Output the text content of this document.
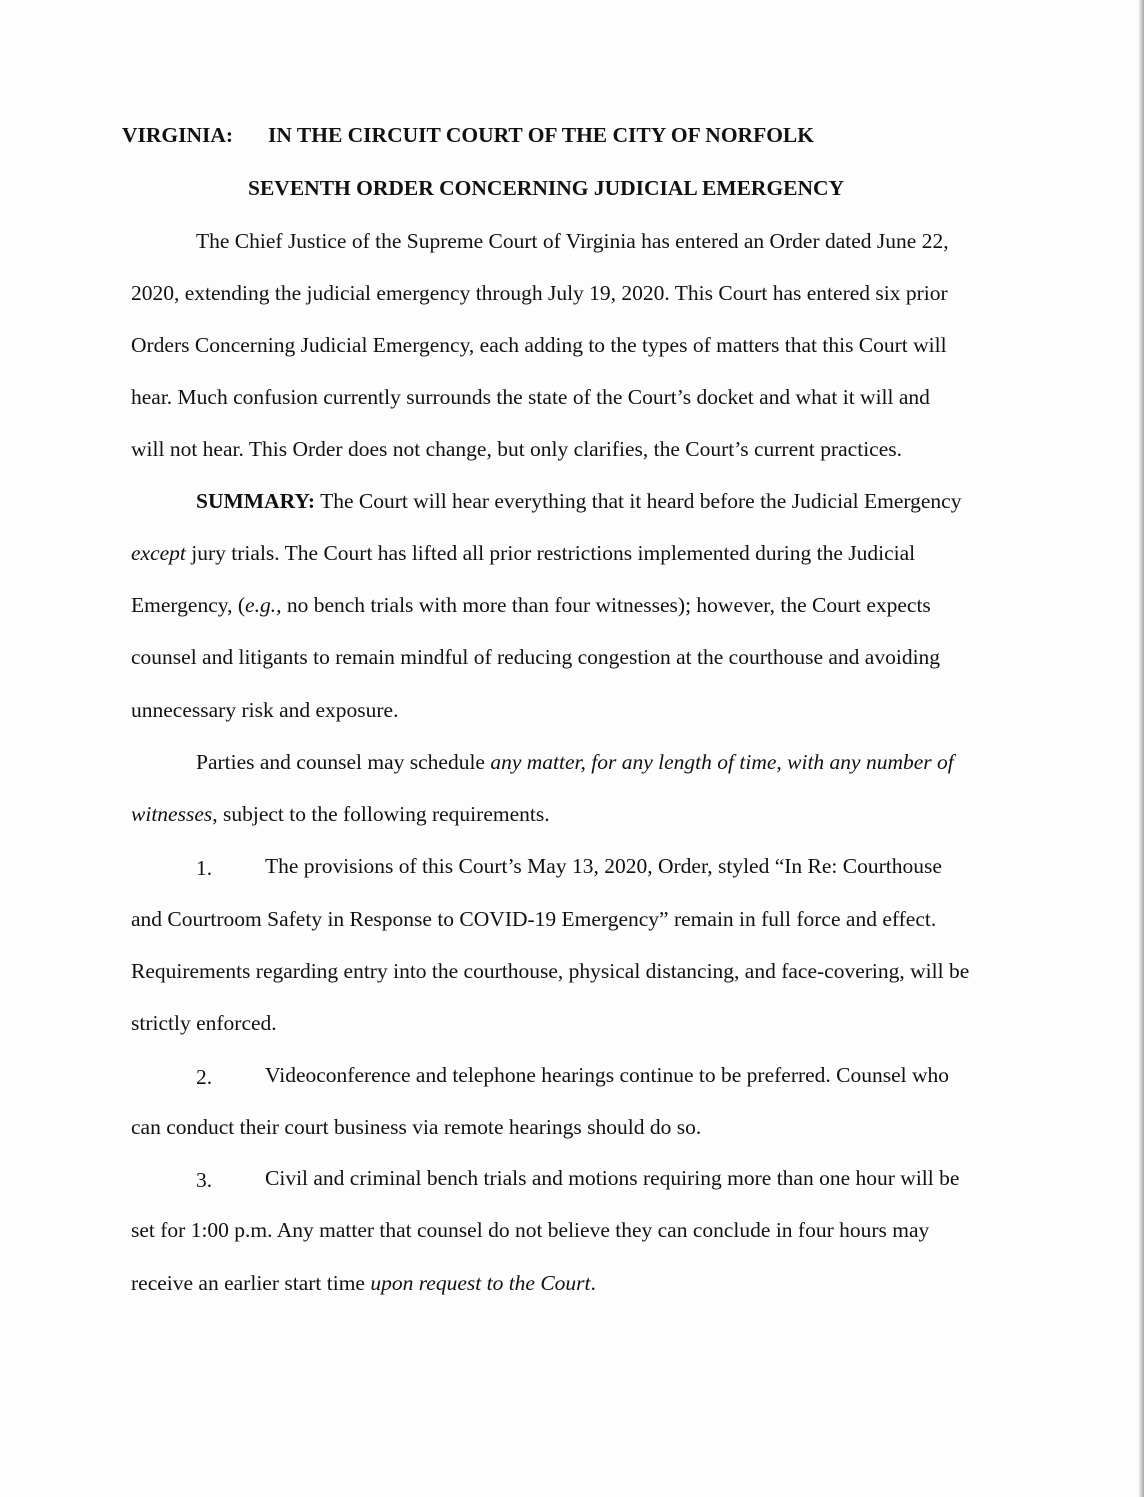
VIRGINIA: IN THE CIRCUIT COURT OF THE CITY OF NORFOLK
SEVENTH ORDER CONCERNING JUDICIAL EMERGENCY
The Chief Justice of the Supreme Court of Virginia has entered an Order dated June 22,
2020, extending the judicial emergency through July 19, 2020. This Court has entered six prior
Orders Concerning Judicial Emergency, each adding to the types of matters that this Court will
hear. Much confusion currently surrounds the state of the Court’s docket and what it will and
will not hear. This Order does not change, but only clarifies, the Court’s current practices.
SUMMARY: The Court will hear everything that it heard before the Judicial Emergency
except jury trials. The Court has lifted all prior restrictions implemented during the Judicial
Emergency, (e.g., no bench trials with more than four witnesses); however, the Court expects
counsel and litigants to remain mindful of reducing congestion at the courthouse and avoiding
unnecessary risk and exposure.
Parties and counsel may schedule any matter, for any length of time, with any number of
witnesses, subject to the following requirements.
1. The provisions of this Court’s May 13, 2020, Order, styled “In Re: Courthouse
and Courtroom Safety in Response to COVID-19 Emergency” remain in full force and effect.
Requirements regarding entry into the courthouse, physical distancing, and face-covering, will be
strictly enforced.
2. Videoconference and telephone hearings continue to be preferred. Counsel who
can conduct their court business via remote hearings should do so.
3. Civil and criminal bench trials and motions requiring more than one hour will be
set for 1:00 p.m. Any matter that counsel do not believe they can conclude in four hours may
receive an earlier start time upon request to the Court.
